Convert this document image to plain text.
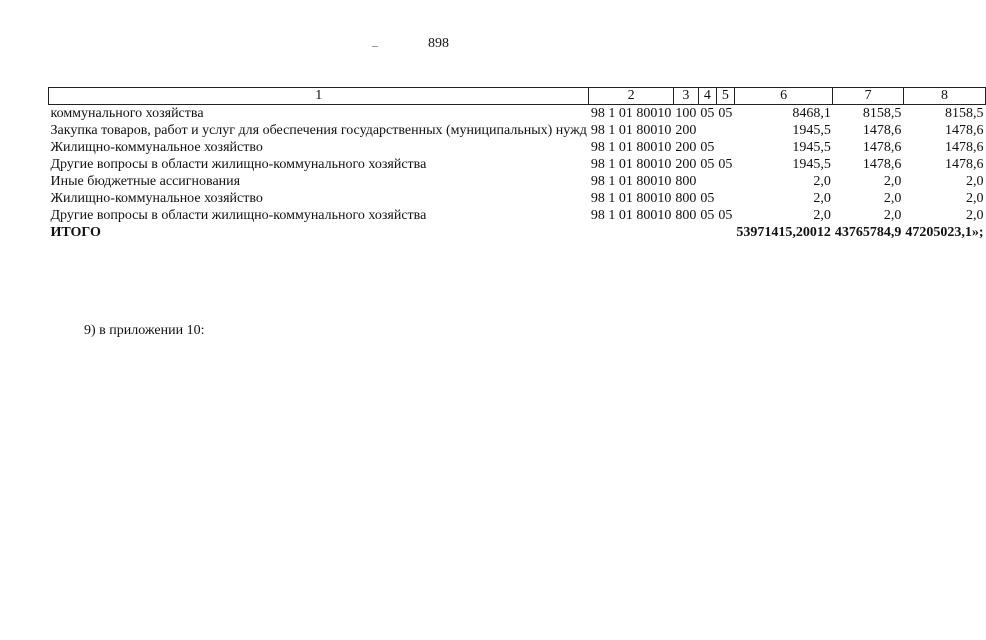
898
–
1	2	3	4	5	6	7	8
коммунального хозяйства	98 1 01 80010	100	05	05	8468,1	8158,5	8158,5
Закупка товаров, работ и услуг для обеспечения государственных (муниципальных) нужд	98 1 01 80010	200			1945,5	1478,6	1478,6
Жилищно-коммунальное хозяйство	98 1 01 80010	200	05		1945,5	1478,6	1478,6
Другие вопросы в области жилищно-коммунального хозяйства	98 1 01 80010	200	05	05	1945,5	1478,6	1478,6
Иные бюджетные ассигнования	98 1 01 80010	800			2,0	2,0	2,0
Жилищно-коммунальное хозяйство	98 1 01 80010	800	05		2,0	2,0	2,0
Другие вопросы в области жилищно-коммунального хозяйства	98 1 01 80010	800	05	05	2,0	2,0	2,0
ИТОГО					53971415,20012	43765784,9	47205023,1»;
9) в приложении 10:
